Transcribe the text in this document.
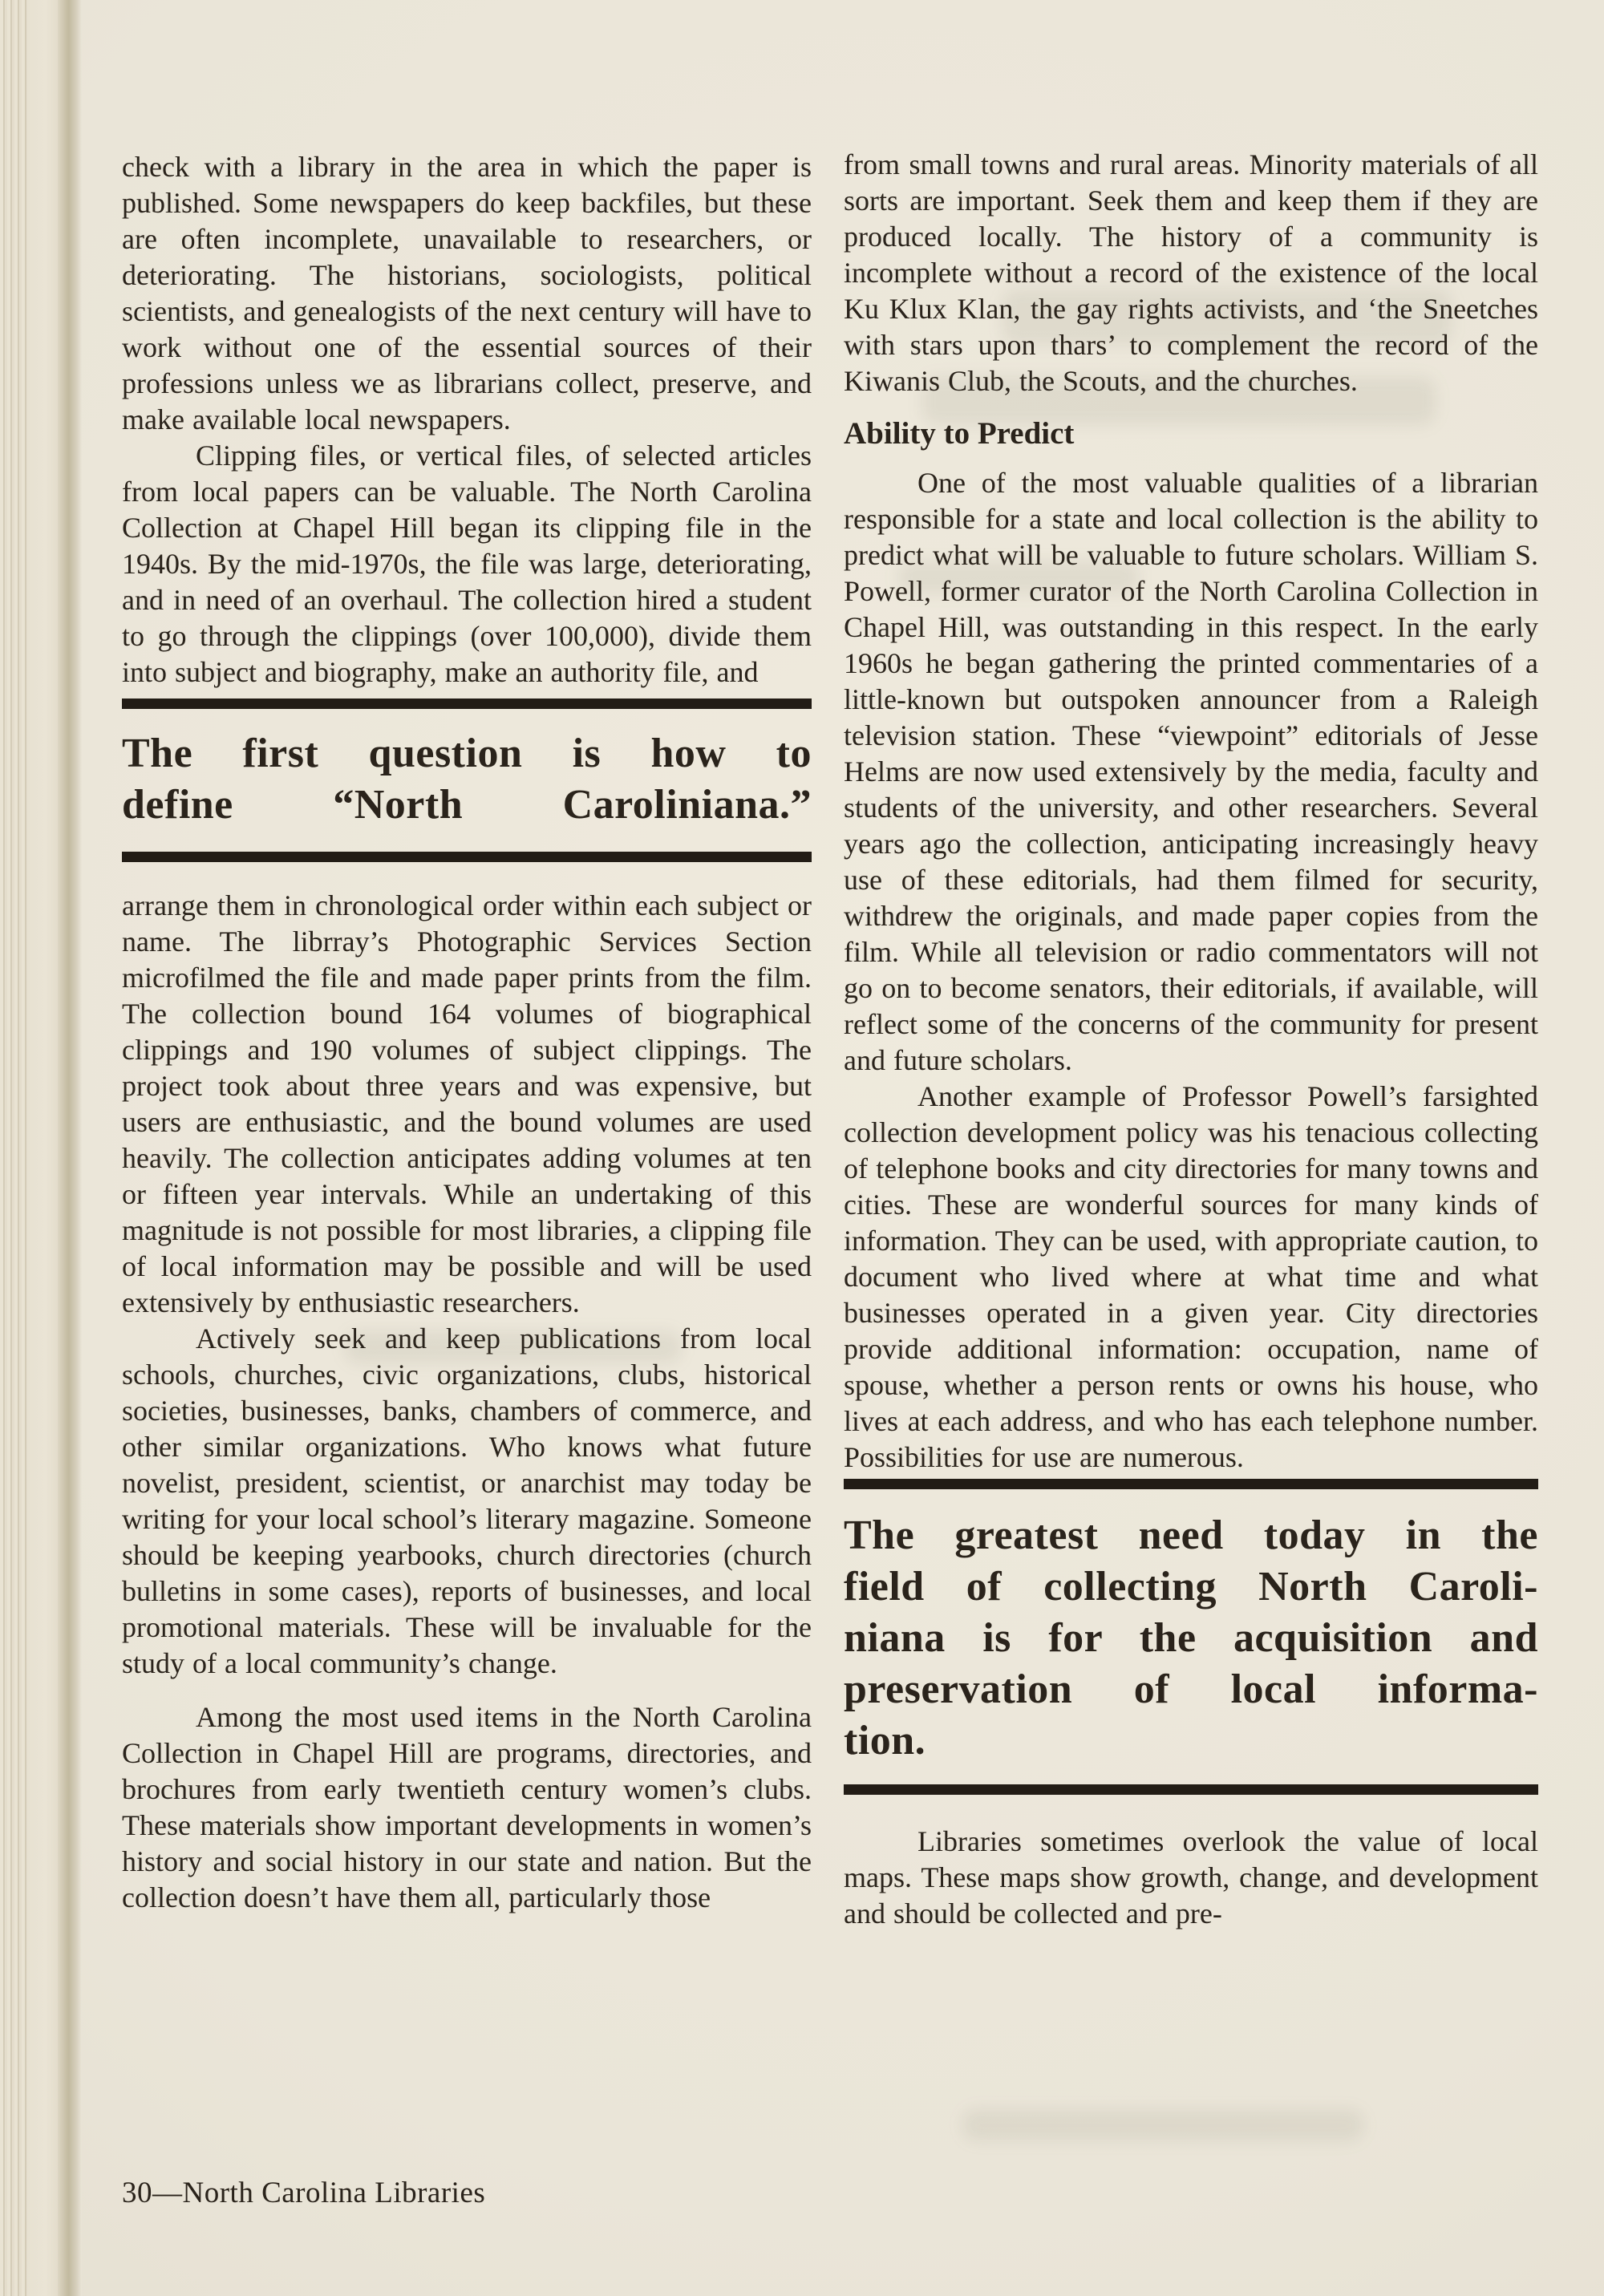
check with a library in the area in which the paper is published. Some newspapers do keep backfiles, but these are often incomplete, unavailable to researchers, or deteriorating. The historians, sociologists, political scientists, and genealogists of the next century will have to work without one of the essential sources of their professions unless we as librarians collect, preserve, and make available local newspapers.

Clipping files, or vertical files, of selected articles from local papers can be valuable. The North Carolina Collection at Chapel Hill began its clipping file in the 1940s. By the mid-1970s, the file was large, deteriorating, and in need of an overhaul. The collection hired a student to go through the clippings (over 100,000), divide them into subject and biography, make an authority file, and

The first question is how to
define “North Caroliniana.”

arrange them in chronological order within each subject or name. The librray’s Photographic Services Section microfilmed the file and made paper prints from the film. The collection bound 164 volumes of biographical clippings and 190 volumes of subject clippings. The project took about three years and was expensive, but users are enthusiastic, and the bound volumes are used heavily. The collection anticipates adding volumes at ten or fifteen year intervals. While an undertaking of this magnitude is not possible for most libraries, a clipping file of local information may be possible and will be used extensively by enthusiastic researchers.

Actively seek and keep publications from local schools, churches, civic organizations, clubs, historical societies, businesses, banks, chambers of commerce, and other similar organizations. Who knows what future novelist, president, scientist, or anarchist may today be writing for your local school’s literary magazine. Someone should be keeping yearbooks, church directories (church bulletins in some cases), reports of businesses, and local promotional materials. These will be invaluable for the study of a local community’s change.

Among the most used items in the North Carolina Collection in Chapel Hill are programs, directories, and brochures from early twentieth century women’s clubs. These materials show important developments in women’s history and social history in our state and nation. But the collection doesn’t have them all, particularly those

from small towns and rural areas. Minority materials of all sorts are important. Seek them and keep them if they are produced locally. The history of a community is incomplete without a record of the existence of the local Ku Klux Klan, the gay rights activists, and ‘the Sneetches with stars upon thars’ to complement the record of the Kiwanis Club, the Scouts, and the churches.

Ability to Predict

One of the most valuable qualities of a librarian responsible for a state and local collection is the ability to predict what will be valuable to future scholars. William S. Powell, former curator of the North Carolina Collection in Chapel Hill, was outstanding in this respect. In the early 1960s he began gathering the printed commentaries of a little-known but outspoken announcer from a Raleigh television station. These “viewpoint” editorials of Jesse Helms are now used extensively by the media, faculty and students of the university, and other researchers. Several years ago the collection, anticipating increasingly heavy use of these editorials, had them filmed for security, withdrew the originals, and made paper copies from the film. While all television or radio commentators will not go on to become senators, their editorials, if available, will reflect some of the concerns of the community for present and future scholars.

Another example of Professor Powell’s farsighted collection development policy was his tenacious collecting of telephone books and city directories for many towns and cities. These are wonderful sources for many kinds of information. They can be used, with appropriate caution, to document who lived where at what time and what businesses operated in a given year. City directories provide additional information: occupation, name of spouse, whether a person rents or owns his house, who lives at each address, and who has each telephone number. Possibilities for use are numerous.

The greatest need today in the
field of collecting North Caroli-
niana is for the acquisition and
preservation of local informa-
tion.

Libraries sometimes overlook the value of local maps. These maps show growth, change, and development and should be collected and pre-

30—North Carolina Libraries
